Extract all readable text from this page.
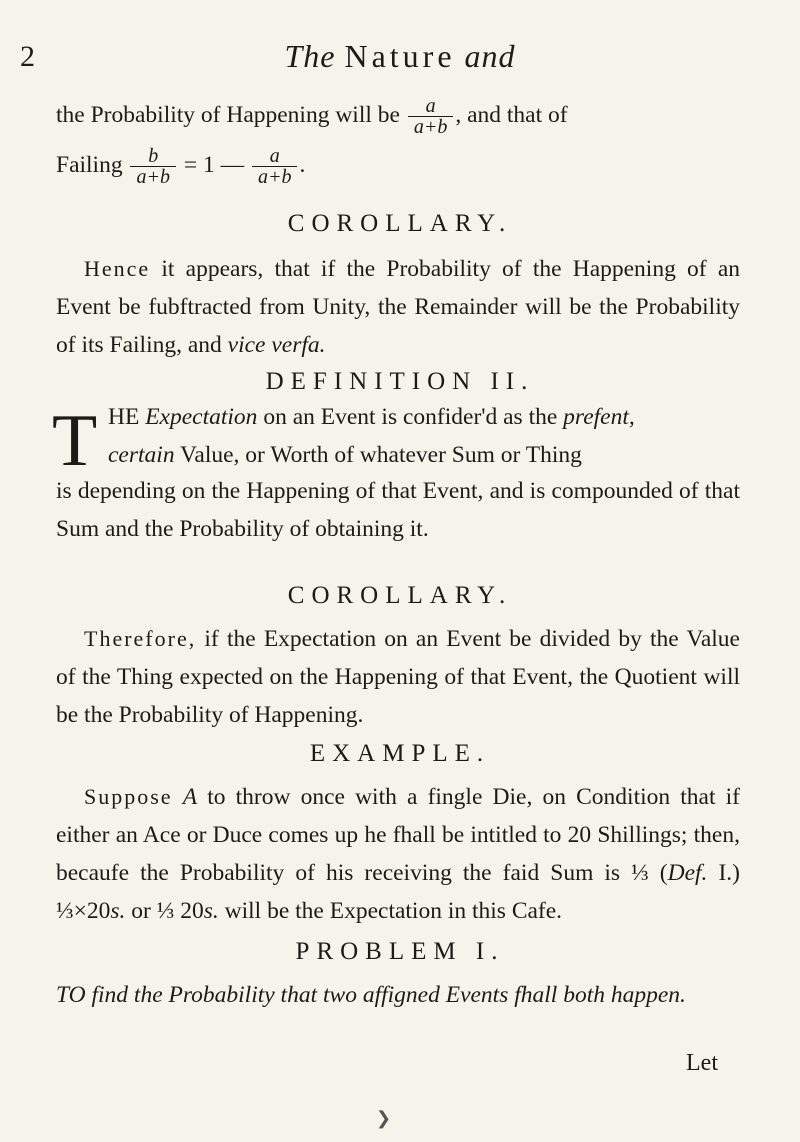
2	The Nature and
the Probability of Happening will be $\frac{a}{a+b}$ , and that of
Failing $\frac{b}{a+b} = 1$ — $\frac{a}{a+b}$ .
COROLLARY.
Hence it appears, that if the Probability of the Happening of an Event be fubftracted from Unity, the Remainder will be the Probability of its Failing, and vice verfa.
DEFINITION II.
T HE Expectation on an Event is confider'd as the prefent,
certain Value, or Worth of whatever Sum or Thing
is depending on the Happening of that Event, and is compounded of that Sum and the Probability of obtaining it.
COROLLARY.
Therefore, if the Expectation on an Event be divided by the Value of the Thing expected on the Happening of that Event, the Quotient will be the Probability of Happening.
EXAMPLE.
Suppose A to throw once with a fingle Die, on Condition that if either an Ace or Duce comes up he fhall be intitled to 20 Shillings; then, becaufe the Probability of his receiving the faid Sum is ⅓ (Def. I.) ⅓×20s. or ⅓ 20s. will be the Expectation in this Cafe.
PROBLEM I.
TO find the Probability that two affigned Events fhall both happen.
Let
❯
